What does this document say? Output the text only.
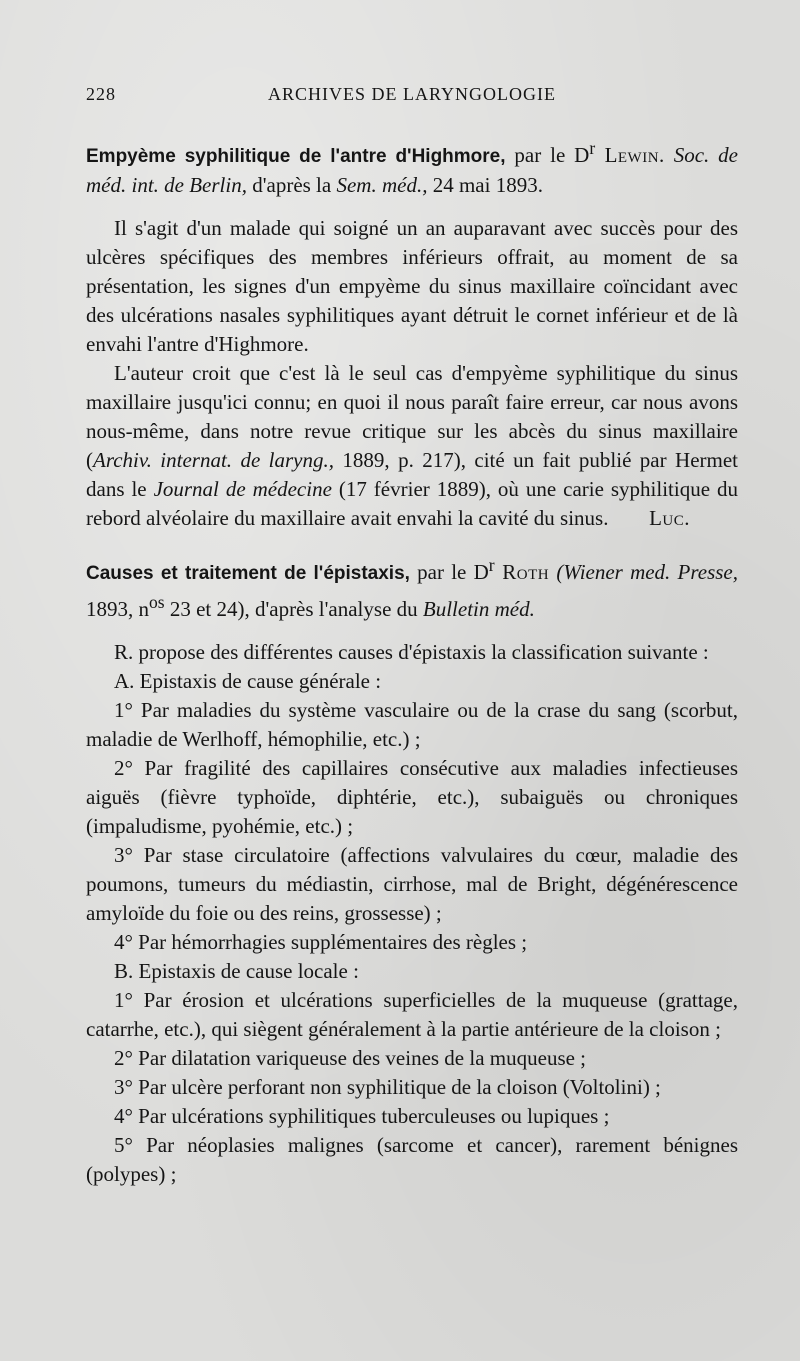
228	ARCHIVES DE LARYNGOLOGIE

Empyème syphilitique de l'antre d'Highmore, par le $D^r$ Lewin. Soc. de méd. int. de Berlin, d'après la Sem. méd., 24 mai 1893.

Il s'agit d'un malade qui soigné un an auparavant avec succès pour des ulcères spécifiques des membres inférieurs offrait, au moment de sa présentation, les signes d'un empyème du sinus maxillaire coïncidant avec des ulcérations nasales syphilitiques ayant détruit le cornet inférieur et de là envahi l'antre d'Highmore.

L'auteur croit que c'est là le seul cas d'empyème syphilitique du sinus maxillaire jusqu'ici connu; en quoi il nous paraît faire erreur, car nous avons nous-même, dans notre revue critique sur les abcès du sinus maxillaire (Archiv. internat. de laryng., 1889, p. 217), cité un fait publié par Hermet dans le Journal de médecine (17 février 1889), où une carie syphilitique du rebord alvéolaire du maxillaire avait envahi la cavité du sinus.	Luc.

Causes et traitement de l'épistaxis, par le $D^r$ Roth (Wiener med. Presse, 1893, $n^{os}$ 23 et 24), d'après l'analyse du Bulletin méd.

R. propose des différentes causes d'épistaxis la classification suivante :

A. Epistaxis de cause générale :

1° Par maladies du système vasculaire ou de la crase du sang (scorbut, maladie de Werlhoff, hémophilie, etc.) ;

2° Par fragilité des capillaires consécutive aux maladies infectieuses aiguës (fièvre typhoïde, diphtérie, etc.), subaiguës ou chroniques (impaludisme, pyohémie, etc.) ;

3° Par stase circulatoire (affections valvulaires du cœur, maladie des poumons, tumeurs du médiastin, cirrhose, mal de Bright, dégénérescence amyloïde du foie ou des reins, grossesse) ;

4° Par hémorrhagies supplémentaires des règles ;

B. Epistaxis de cause locale :

1° Par érosion et ulcérations superficielles de la muqueuse (grattage, catarrhe, etc.), qui siègent généralement à la partie antérieure de la cloison ;

2° Par dilatation variqueuse des veines de la muqueuse ;

3° Par ulcère perforant non syphilitique de la cloison (Voltolini) ;

4° Par ulcérations syphilitiques tuberculeuses ou lupiques ;

5° Par néoplasies malignes (sarcome et cancer), rarement bénignes (polypes) ;
